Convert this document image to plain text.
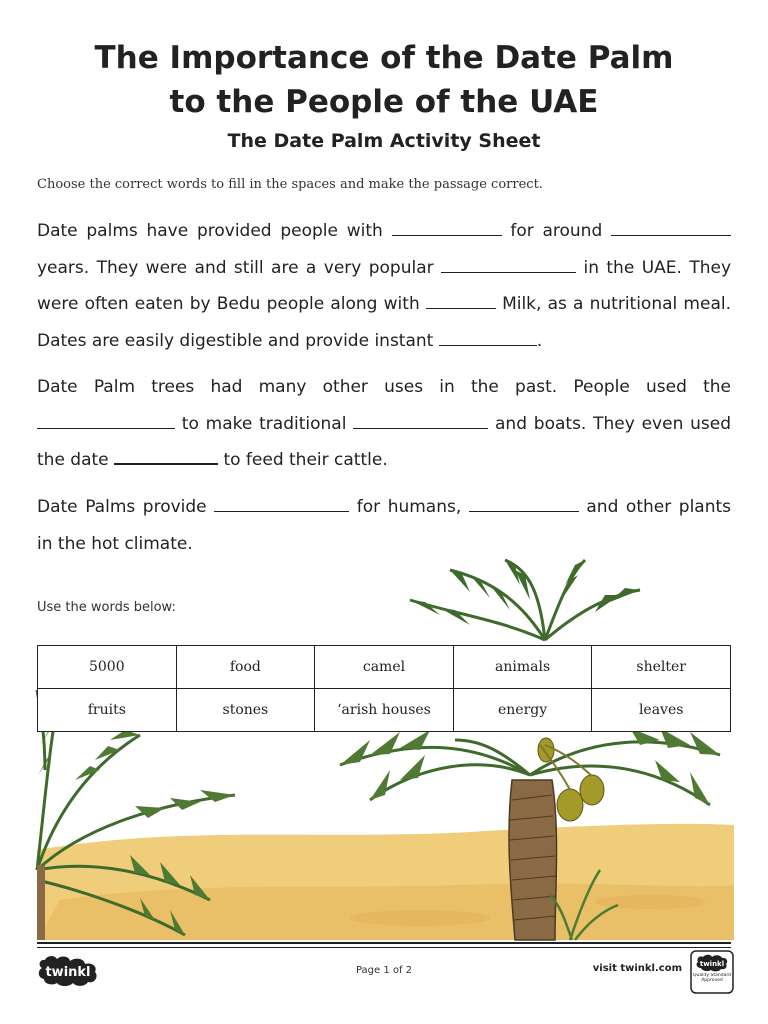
The Importance of the Date Palm
to the People of the UAE
The Date Palm Activity Sheet

Choose the correct words to fill in the spaces and make the passage correct.

Date palms have provided people with	for around  years. They were and still are a very popular	in the UAE. They were often eaten by Bedu people along with	Milk, as a nutritional meal. Dates are easily digestible and provide instant	.

Date Palm trees had many other uses in the past. People used the  to make traditional	and boats. They even used the date	to feed their cattle.

Date Palms provide	for humans,	and other plants in the hot climate.

Use the words below:

5000	food	camel	animals	shelter
fruits	stones	‘arish houses	energy	leaves
twinkl	Page 1 of 2	visit twinkl.com	twinkl
Quality Standard Approved
